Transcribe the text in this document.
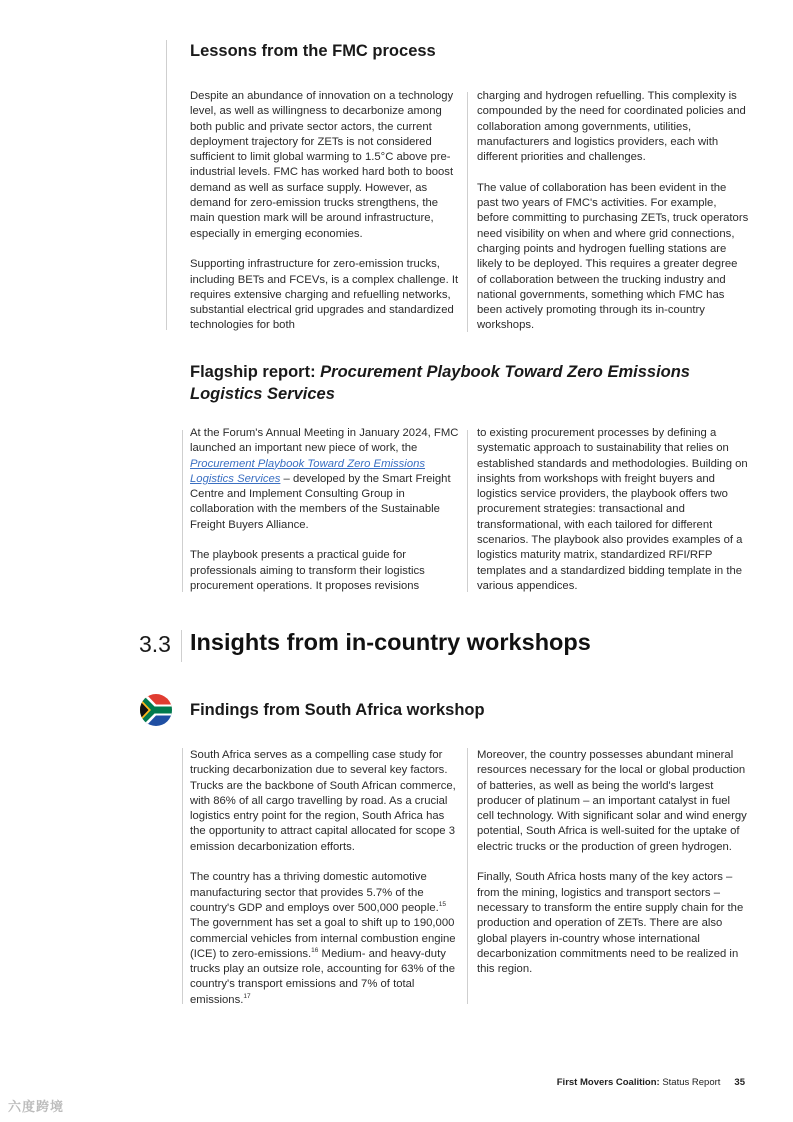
Lessons from the FMC process

Despite an abundance of innovation on a technology level, as well as willingness to decarbonize among both public and private sector actors, the current deployment trajectory for ZETs is not considered sufficient to limit global warming to 1.5°C above pre-industrial levels. FMC has worked hard both to boost demand as well as surface supply. However, as demand for zero-emission trucks strengthens, the main question mark will be around infrastructure, especially in emerging economies.

Supporting infrastructure for zero-emission trucks, including BETs and FCEVs, is a complex challenge. It requires extensive charging and refuelling networks, substantial electrical grid upgrades and standardized technologies for both

charging and hydrogen refuelling. This complexity is compounded by the need for coordinated policies and collaboration among governments, utilities, manufacturers and logistics providers, each with different priorities and challenges.

The value of collaboration has been evident in the past two years of FMC's activities. For example, before committing to purchasing ZETs, truck operators need visibility on when and where grid connections, charging points and hydrogen fuelling stations are likely to be deployed. This requires a greater degree of collaboration between the trucking industry and national governments, something which FMC has been actively promoting through its in-country workshops.

Flagship report: Procurement Playbook Toward Zero Emissions Logistics Services

At the Forum's Annual Meeting in January 2024, FMC launched an important new piece of work, the Procurement Playbook Toward Zero Emissions Logistics Services – developed by the Smart Freight Centre and Implement Consulting Group in collaboration with the members of the Sustainable Freight Buyers Alliance.

The playbook presents a practical guide for professionals aiming to transform their logistics procurement operations. It proposes revisions

to existing procurement processes by defining a systematic approach to sustainability that relies on established standards and methodologies. Building on insights from workshops with freight buyers and logistics service providers, the playbook offers two procurement strategies: transactional and transformational, with each tailored for different scenarios. The playbook also provides examples of a logistics maturity matrix, standardized RFI/RFP templates and a standardized bidding template in the various appendices.

3.3 Insights from in-country workshops
Findings from South Africa workshop

South Africa serves as a compelling case study for trucking decarbonization due to several key factors. Trucks are the backbone of South African commerce, with 86% of all cargo travelling by road. As a crucial logistics entry point for the region, South Africa has the opportunity to attract capital allocated for scope 3 emission decarbonization efforts.

The country has a thriving domestic automotive manufacturing sector that provides 5.7% of the country's GDP and employs over 500,000 people.$^{15}$ The government has set a goal to shift up to 190,000 commercial vehicles from internal combustion engine (ICE) to zero-emissions.$^{16}$ Medium- and heavy-duty trucks play an outsize role, accounting for 63% of the country's transport emissions and 7% of total emissions.$^{17}$

Moreover, the country possesses abundant mineral resources necessary for the local or global production of batteries, as well as being the world's largest producer of platinum – an important catalyst in fuel cell technology. With significant solar and wind energy potential, South Africa is well-suited for the uptake of electric trucks or the production of green hydrogen.

Finally, South Africa hosts many of the key actors – from the mining, logistics and transport sectors – necessary to transform the entire supply chain for the production and operation of ZETs. There are also global players in-country whose international decarbonization commitments need to be realized in this region.

First Movers Coalition: Status Report 35
六度跨境
